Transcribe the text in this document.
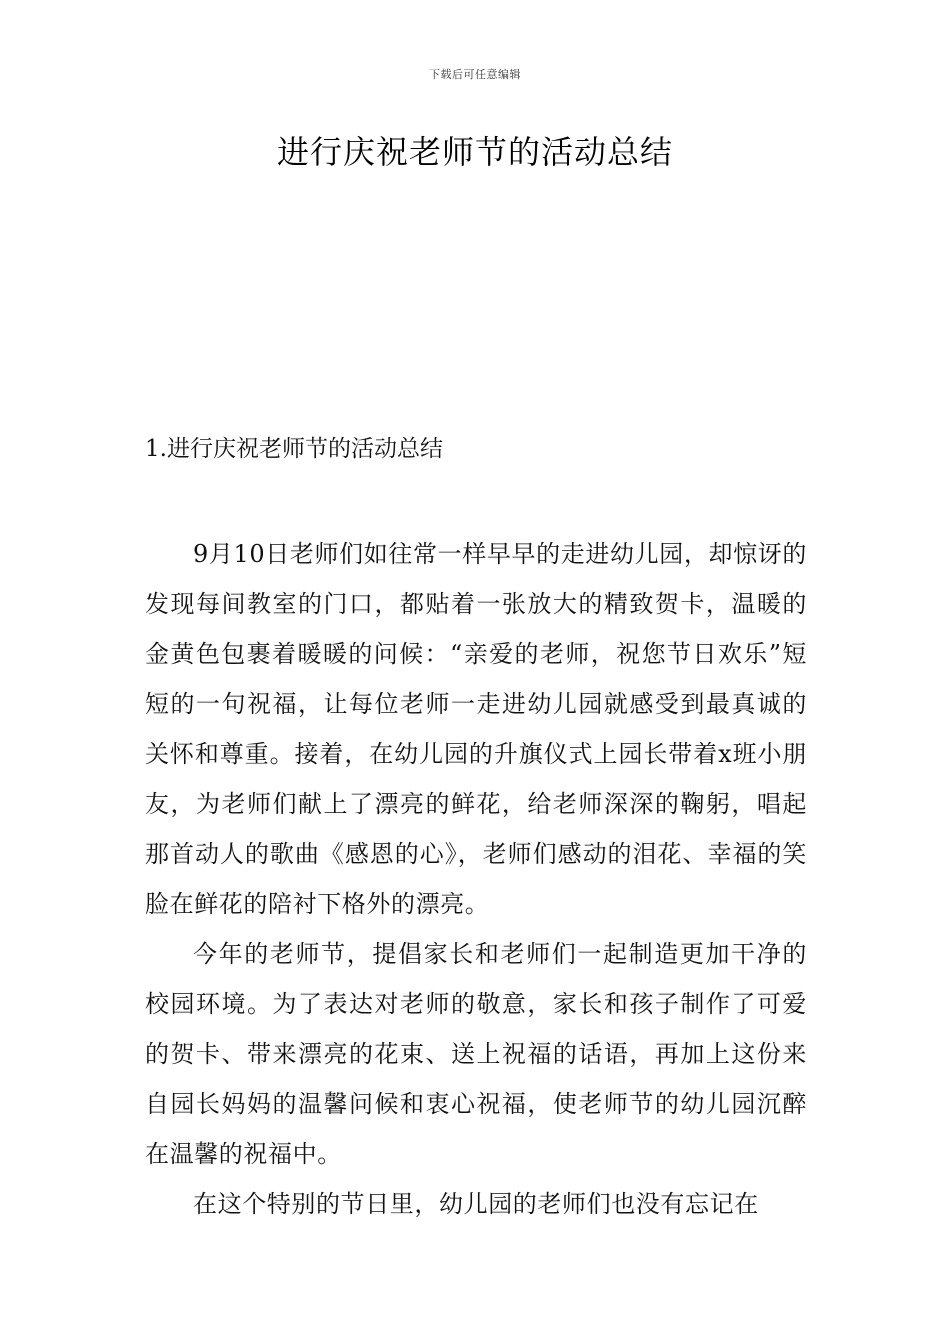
下载后可任意编辑
进行庆祝老师节的活动总结

1.进行庆祝老师节的活动总结

9月10日老师们如往常一样早早的走进幼儿园，却惊讶的发现每间教室的门口，都贴着一张放大的精致贺卡，温暖的金黄色包裹着暖暖的问候：“亲爱的老师，祝您节日欢乐”短短的一句祝福，让每位老师一走进幼儿园就感受到最真诚的关怀和尊重。接着，在幼儿园的升旗仪式上园长带着x班小朋友，为老师们献上了漂亮的鲜花，给老师深深的鞠躬，唱起那首动人的歌曲《感恩的心》，老师们感动的泪花、幸福的笑脸在鲜花的陪衬下格外的漂亮。

今年的老师节，提倡家长和老师们一起制造更加干净的校园环境。为了表达对老师的敬意，家长和孩子制作了可爱的贺卡、带来漂亮的花束、送上祝福的话语，再加上这份来自园长妈妈的温馨问候和衷心祝福，使老师节的幼儿园沉醉在温馨的祝福中。

在这个特别的节日里，幼儿园的老师们也没有忘记在
